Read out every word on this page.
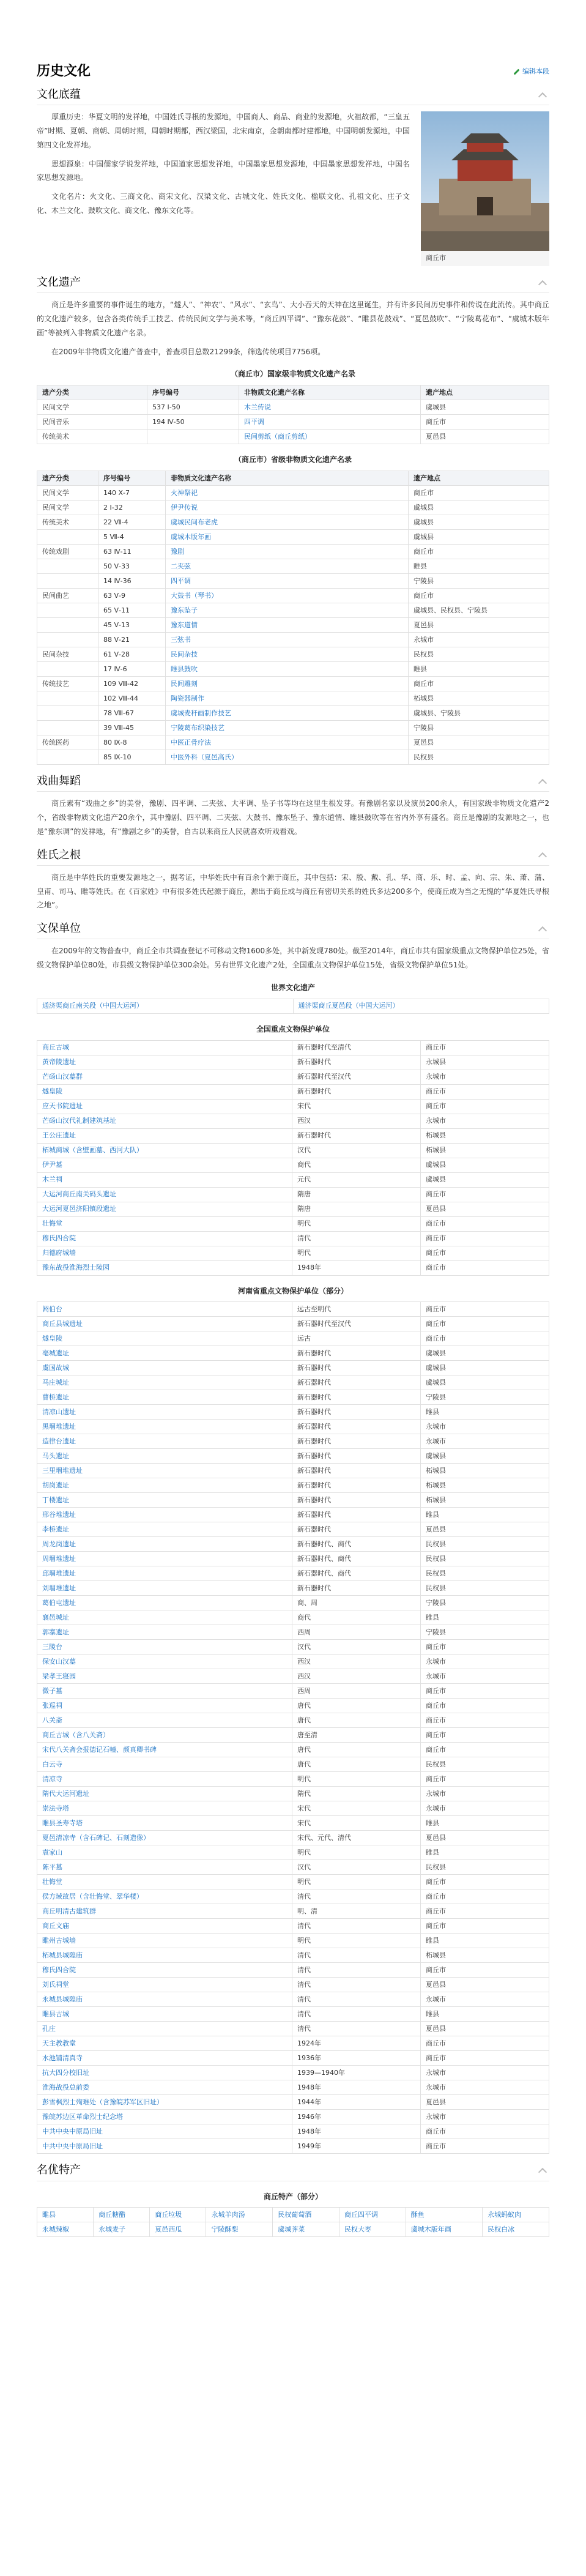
历史文化	编辑本段
文化底蕴

厚重历史：华夏文明的发祥地，中国姓氏寻根的发源地，中国商人、商品、商业的发源地，火祖故都，“三皇五帝”时期、夏朝、商朝、周朝时期，周朝时期都，西汉梁国，北宋南京，金朝南都时建都地，中国明朝发源地，中国第四文化发祥地。

思想源泉：中国儒家学说发祥地，中国道家思想发祥地，中国墨家思想发源地，中国墨家思想发祥地，中国名家思想发源地。

文化名片：火文化、三商文化、商宋文化、汉梁文化、古城文化、姓氏文化、楹联文化、孔祖文化、庄子文化、木兰文化、鼓吹文化、商文化、豫东文化等。

商丘市
文化遗产

商丘是许多重要的事件诞生的地方，“燧人”、“神农”、“风水”、“玄鸟”、大小吞天的天神在这里诞生，并有许多民间历史事件和传说在此流传。其中商丘的文化遗产较多，包含各类传统手工技艺、传统民间文学与美术等，“商丘四平调”、“豫东花鼓”、“睢县花鼓戏”、“夏邑鼓吹”、“宁陵葛花布”、“虞城木版年画”等被列入非物质文化遗产名录。

在2009年非物质文化遗产普查中，普查项目总数21299条，筛选传统项目7756项。

（商丘市）国家级非物质文化遗产名录
遗产分类	序号编号	非物质文化遗产名称	遗产地点
民间文学	537 Ⅰ-50	木兰传说	虞城县
民间音乐	194 Ⅳ-50	四平调	商丘市
传统美术		民间剪纸（商丘剪纸）	夏邑县
（商丘市）省级非物质文化遗产名录
遗产分类	序号编号	非物质文化遗产名称	遗产地点
民间文学	140 Ⅹ-7	火神祭祀	商丘市
民间文学	2 Ⅰ-32	伊尹传说	虞城县
传统美术	22 Ⅶ-4	虞城民间布老虎	虞城县
	5 Ⅶ-4	虞城木版年画	虞城县
传统戏剧	63 Ⅳ-11	豫剧	商丘市
	50 Ⅴ-33	二夹弦	睢县
	14 Ⅳ-36	四平调	宁陵县
民间曲艺	63 Ⅴ-9	大鼓书（琴书）	商丘市
	65 Ⅴ-11	豫东坠子	虞城县、民权县、宁陵县
	45 Ⅴ-13	豫东道情	夏邑县
	88 Ⅴ-21	三弦书	永城市
民间杂技	61 Ⅴ-28	民间杂技	民权县
	17 Ⅳ-6	睢县鼓吹	睢县
传统技艺	109 Ⅷ-42	民间雕刻	商丘市
	102 Ⅷ-44	陶瓷器制作	柘城县
	78 Ⅷ-67	虞城麦秆画制作技艺	虞城县、宁陵县
	39 Ⅷ-45	宁陵葛布织染技艺	宁陵县
传统医药	80 Ⅸ-8	中医正骨疗法	夏邑县
	85 Ⅸ-10	中医外科（夏邑高氏）	民权县
戏曲舞蹈

商丘素有“戏曲之乡”的美誉，豫剧、四平调、二夹弦、大平调、坠子书等均在这里生根发芽。有豫剧名家以及演员200余人，有国家级非物质文化遗产2个，省级非物质文化遗产20余个，其中豫剧、四平调、二夹弦、大鼓书、豫东坠子、豫东道情、睢县鼓吹等在省内外享有盛名。商丘是豫剧的发源地之一，也是“豫东调”的发祥地，有“豫剧之乡”的美誉，自古以来商丘人民就喜欢听戏看戏。

姓氏之根

商丘是中华姓氏的重要发源地之一，据考证，中华姓氏中有百余个源于商丘，其中包括：宋、殷、戴、孔、华、商、乐、时、孟、向、宗、朱、萧、蒲、皇甫、司马、睢等姓氏。在《百家姓》中有很多姓氏起源于商丘，源出于商丘或与商丘有密切关系的姓氏多达200多个，使商丘成为当之无愧的“华夏姓氏寻根之地”。

文保单位

在2009年的文物普查中，商丘全市共调查登记不可移动文物1600多处，其中新发现780处。截至2014年，商丘市共有国家级重点文物保护单位25处，省级文物保护单位80处，市县级文物保护单位300余处。另有世界文化遗产2处，全国重点文物保护单位15处，省级文物保护单位51处。

世界文化遗产
通济渠商丘南关段（中国大运河）	通济渠商丘夏邑段（中国大运河）
全国重点文物保护单位
商丘古城	新石器时代至清代	商丘市
黄帝陵遗址	新石器时代	永城县
芒砀山汉墓群	新石器时代至汉代	永城市
燧皇陵	新石器时代	商丘市
应天书院遗址	宋代	商丘市
芒砀山汉代礼制建筑基址	西汉	永城市
王公庄遗址	新石器时代	柘城县
柘城商城（含壁画墓、西河大队）	汉代	柘城县
伊尹墓	商代	虞城县
木兰祠	元代	虞城县
大运河商丘南关码头遗址	隋唐	商丘市
大运河夏邑济阳镇段遗址	隋唐	夏邑县
壮悔堂	明代	商丘市
穆氏四合院	清代	商丘市
归德府城墙	明代	商丘市
豫东战役淮海烈士陵园	1948年	商丘市
河南省重点文物保护单位（部分）
阏伯台	远古至明代	商丘市
商丘县城遗址	新石器时代至汉代	商丘市
燧皇陵	远古	商丘市
亳城遗址	新石器时代	虞城县
虞国故城	新石器时代	虞城县
马庄城址	新石器时代	虞城县
曹桥遗址	新石器时代	宁陵县
清凉山遗址	新石器时代	睢县
黑堌堆遗址	新石器时代	永城市
造律台遗址	新石器时代	永城市
马头遗址	新石器时代	虞城县
三里堌堆遗址	新石器时代	柘城县
胡岗遗址	新石器时代	柘城县
丁楼遗址	新石器时代	柘城县
邢谷堆遗址	新石器时代	睢县
李桥遗址	新石器时代	夏邑县
周龙岗遗址	新石器时代、商代	民权县
周堌堆遗址	新石器时代、商代	民权县
邱堌堆遗址	新石器时代、商代	民权县
刘堌堆遗址	新石器时代	民权县
葛伯屯遗址	商、周	宁陵县
襄邑城址	商代	睢县
郭寨遗址	西周	宁陵县
三陵台	汉代	商丘市
保安山汉墓	西汉	永城市
梁孝王寝园	西汉	永城市
微子墓	西周	商丘市
张巡祠	唐代	商丘市
八关斋	唐代	商丘市
商丘古城（含八关斋）	唐至清	商丘市
宋代八关斋会报德记石幢、颜真卿书碑	唐代	商丘市
白云寺	唐代	民权县
清凉寺	明代	商丘市
隋代大运河遗址	隋代	永城市
崇法寺塔	宋代	永城市
睢县圣寿寺塔	宋代	睢县
夏邑清凉寺（含石碑记、石刻造像）	宋代、元代、清代	夏邑县
袁家山	明代	睢县
陈平墓	汉代	民权县
壮悔堂	明代	商丘市
侯方域故居（含壮悔堂、翠华楼）	清代	商丘市
商丘明清古建筑群	明、清	商丘市
商丘文庙	清代	商丘市
睢州古城墙	明代	睢县
柘城县城隍庙	清代	柘城县
穆氏四合院	清代	商丘市
刘氏祠堂	清代	夏邑县
永城县城隍庙	清代	永城市
睢县古城	清代	睢县
孔庄	清代	夏邑县
天主教教堂	1924年	商丘市
水池铺清真寺	1936年	商丘市
抗大四分校旧址	1939—1940年	永城市
淮海战役总前委	1948年	永城市
彭雪枫烈士殉难处（含豫皖苏军区旧址）	1944年	夏邑县
豫皖苏边区革命烈士纪念塔	1946年	永城市
中共中央中原局旧址	1948年	商丘市
中共中央中原局旧址	1949年	商丘市
名优特产
商丘特产（部分）
睢县	商丘糖醋	商丘垃圾	永城羊肉汤	民权葡萄酒	商丘四平调	酥鱼	永城蚂蚁肉
永城辣椒	永城麦子	夏邑西瓜	宁陵酥梨	虞城荠菜	民权大枣	虞城木版年画	民权白冰
